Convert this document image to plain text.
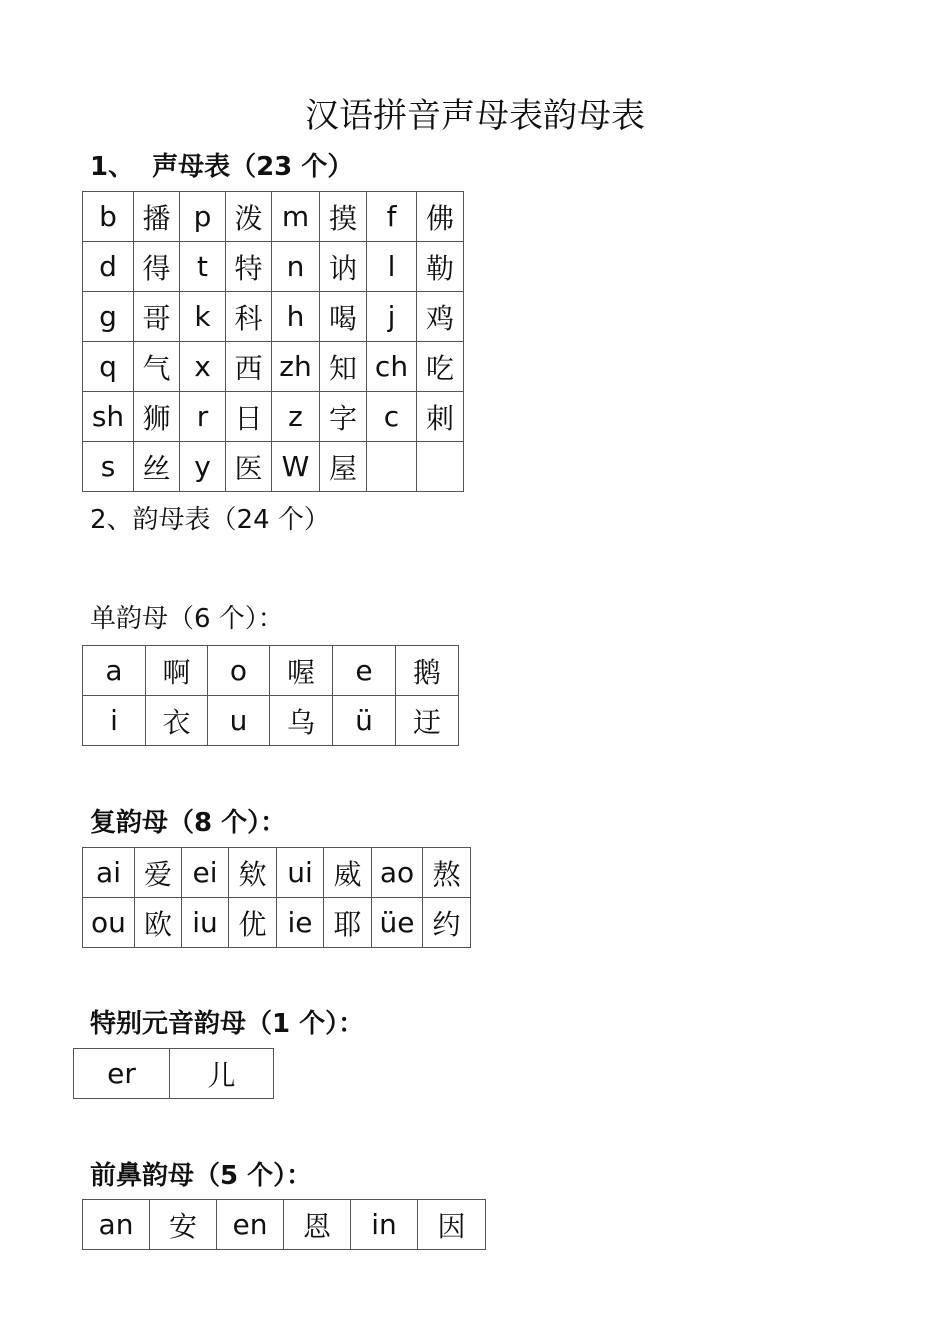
汉语拼音声母表韵母表
1、 声母表（23 个）
b	播	p	泼	m	摸	f	佛
d	得	t	特	n	讷	l	勒
g	哥	k	科	h	喝	j	鸡
q	气	x	西	zh	知	ch	吃
sh	狮	r	日	z	字	c	刺
s	丝	y	医	W	屋		
2、韵母表（24 个）
单韵母（6 个）：
a	啊	o	喔	e	鹅
i	衣	u	乌	ü	迂
复韵母（8 个）：
ai	爱	ei	欸	ui	威	ao	熬
ou	欧	iu	优	ie	耶	üe	约
特别元音韵母（1 个）：
er	儿
前鼻韵母（5 个）：
an	安	en	恩	in	因
